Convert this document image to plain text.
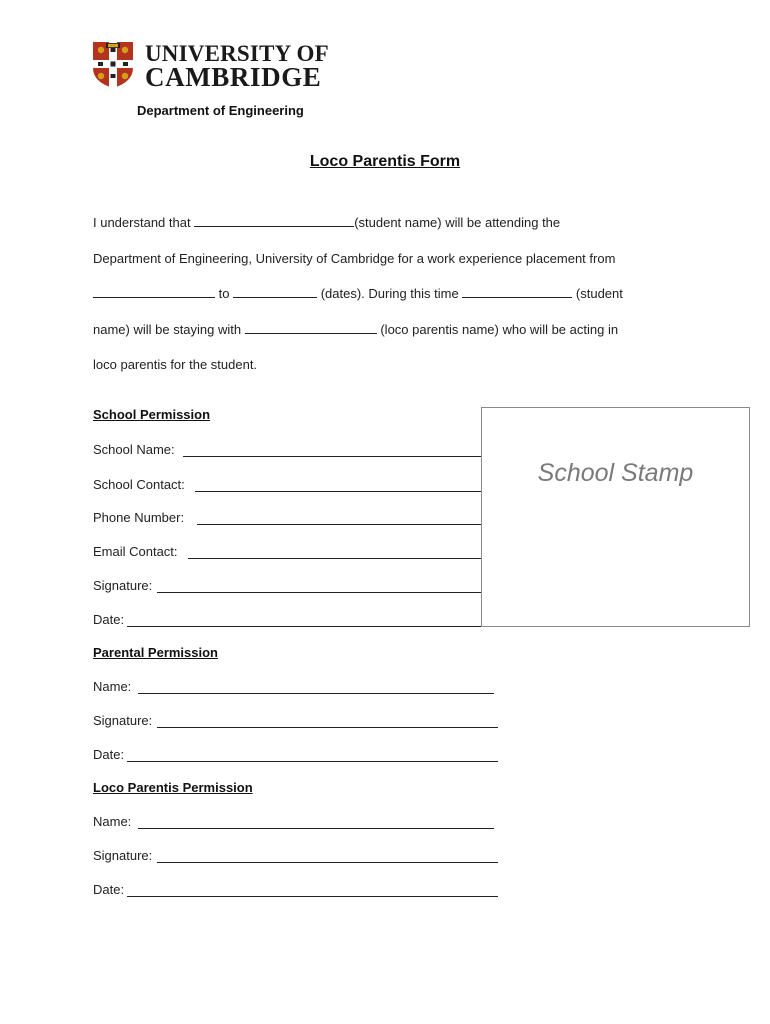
UNIVERSITY OF
CAMBRIDGE
Department of Engineering
Loco Parentis Form
I understand that	(student name) will be attending the
Department of Engineering, University of Cambridge for a work experience placement from
to	(dates). During this time	(student
name) will be staying with	(loco parentis name) who will be acting in
loco parentis for the student.
School Permission
School Name:
School Contact:
Phone Number:
Email Contact:
Signature:
Date:
School Stamp
Parental Permission
Name:
Signature:
Date:
Loco Parentis Permission
Name:
Signature:
Date:
